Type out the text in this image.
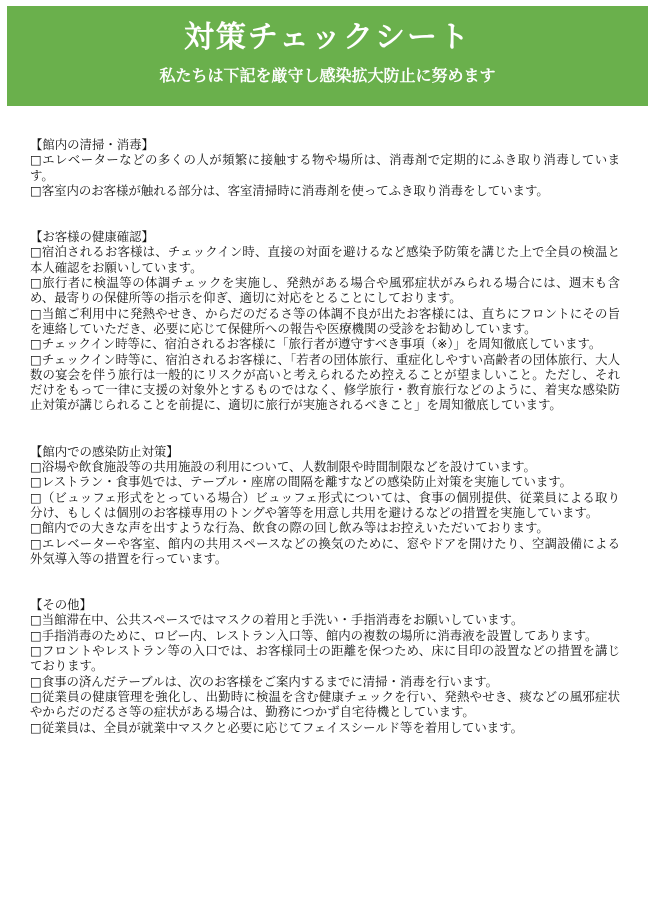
対策チェックシート
私たちは下記を厳守し感染拡大防止に努めます

【館内の清掃・消毒】

□エレベーターなどの多くの人が頻繁に接触する物や場所は、消毒剤で定期的にふき取り消毒しています。

□客室内のお客様が触れる部分は、客室清掃時に消毒剤を使ってふき取り消毒をしています。

【お客様の健康確認】

□宿泊されるお客様は、チェックイン時、直接の対面を避けるなど感染予防策を講じた上で全員の検温と本人確認をお願いしています。

□旅行者に検温等の体調チェックを実施し、発熱がある場合や風邪症状がみられる場合には、週末も含め、最寄りの保健所等の指示を仰ぎ、適切に対応をとることにしております。

□当館ご利用中に発熱やせき、からだのだるさ等の体調不良が出たお客様には、直ちにフロントにその旨を連絡していただき、必要に応じて保健所への報告や医療機関の受診をお勧めしています。

□チェックイン時等に、宿泊されるお客様に「旅行者が遵守すべき事項（※）」を周知徹底しています。

□チェックイン時等に、宿泊されるお客様に、「若者の団体旅行、重症化しやすい高齢者の団体旅行、大人数の宴会を伴う旅行は一般的にリスクが高いと考えられるため控えることが望ましいこと。ただし、それだけをもって一律に支援の対象外とするものではなく、修学旅行・教育旅行などのように、着実な感染防止対策が講じられることを前提に、適切に旅行が実施されるべきこと」を周知徹底しています。

【館内での感染防止対策】

□浴場や飲食施設等の共用施設の利用について、人数制限や時間制限などを設けています。

□レストラン・食事処では、テーブル・座席の間隔を離すなどの感染防止対策を実施しています。

□（ビュッフェ形式をとっている場合）ビュッフェ形式については、食事の個別提供、従業員による取り分け、もしくは個別のお客様専用のトングや箸等を用意し共用を避けるなどの措置を実施しています。

□館内での大きな声を出すような行為、飲食の際の回し飲み等はお控えいただいております。

□エレベーターや客室、館内の共用スペースなどの換気のために、窓やドアを開けたり、空調設備による外気導入等の措置を行っています。

【その他】

□当館滞在中、公共スペースではマスクの着用と手洗い・手指消毒をお願いしています。

□手指消毒のために、ロビー内、レストラン入口等、館内の複数の場所に消毒液を設置してあります。

□フロントやレストラン等の入口では、お客様同士の距離を保つため、床に目印の設置などの措置を講じております。

□食事の済んだテーブルは、次のお客様をご案内するまでに清掃・消毒を行います。

□従業員の健康管理を強化し、出勤時に検温を含む健康チェックを行い、発熱やせき、痰などの風邪症状やからだのだるさ等の症状がある場合は、勤務につかず自宅待機としています。

□従業員は、全員が就業中マスクと必要に応じてフェイスシールド等を着用しています。
